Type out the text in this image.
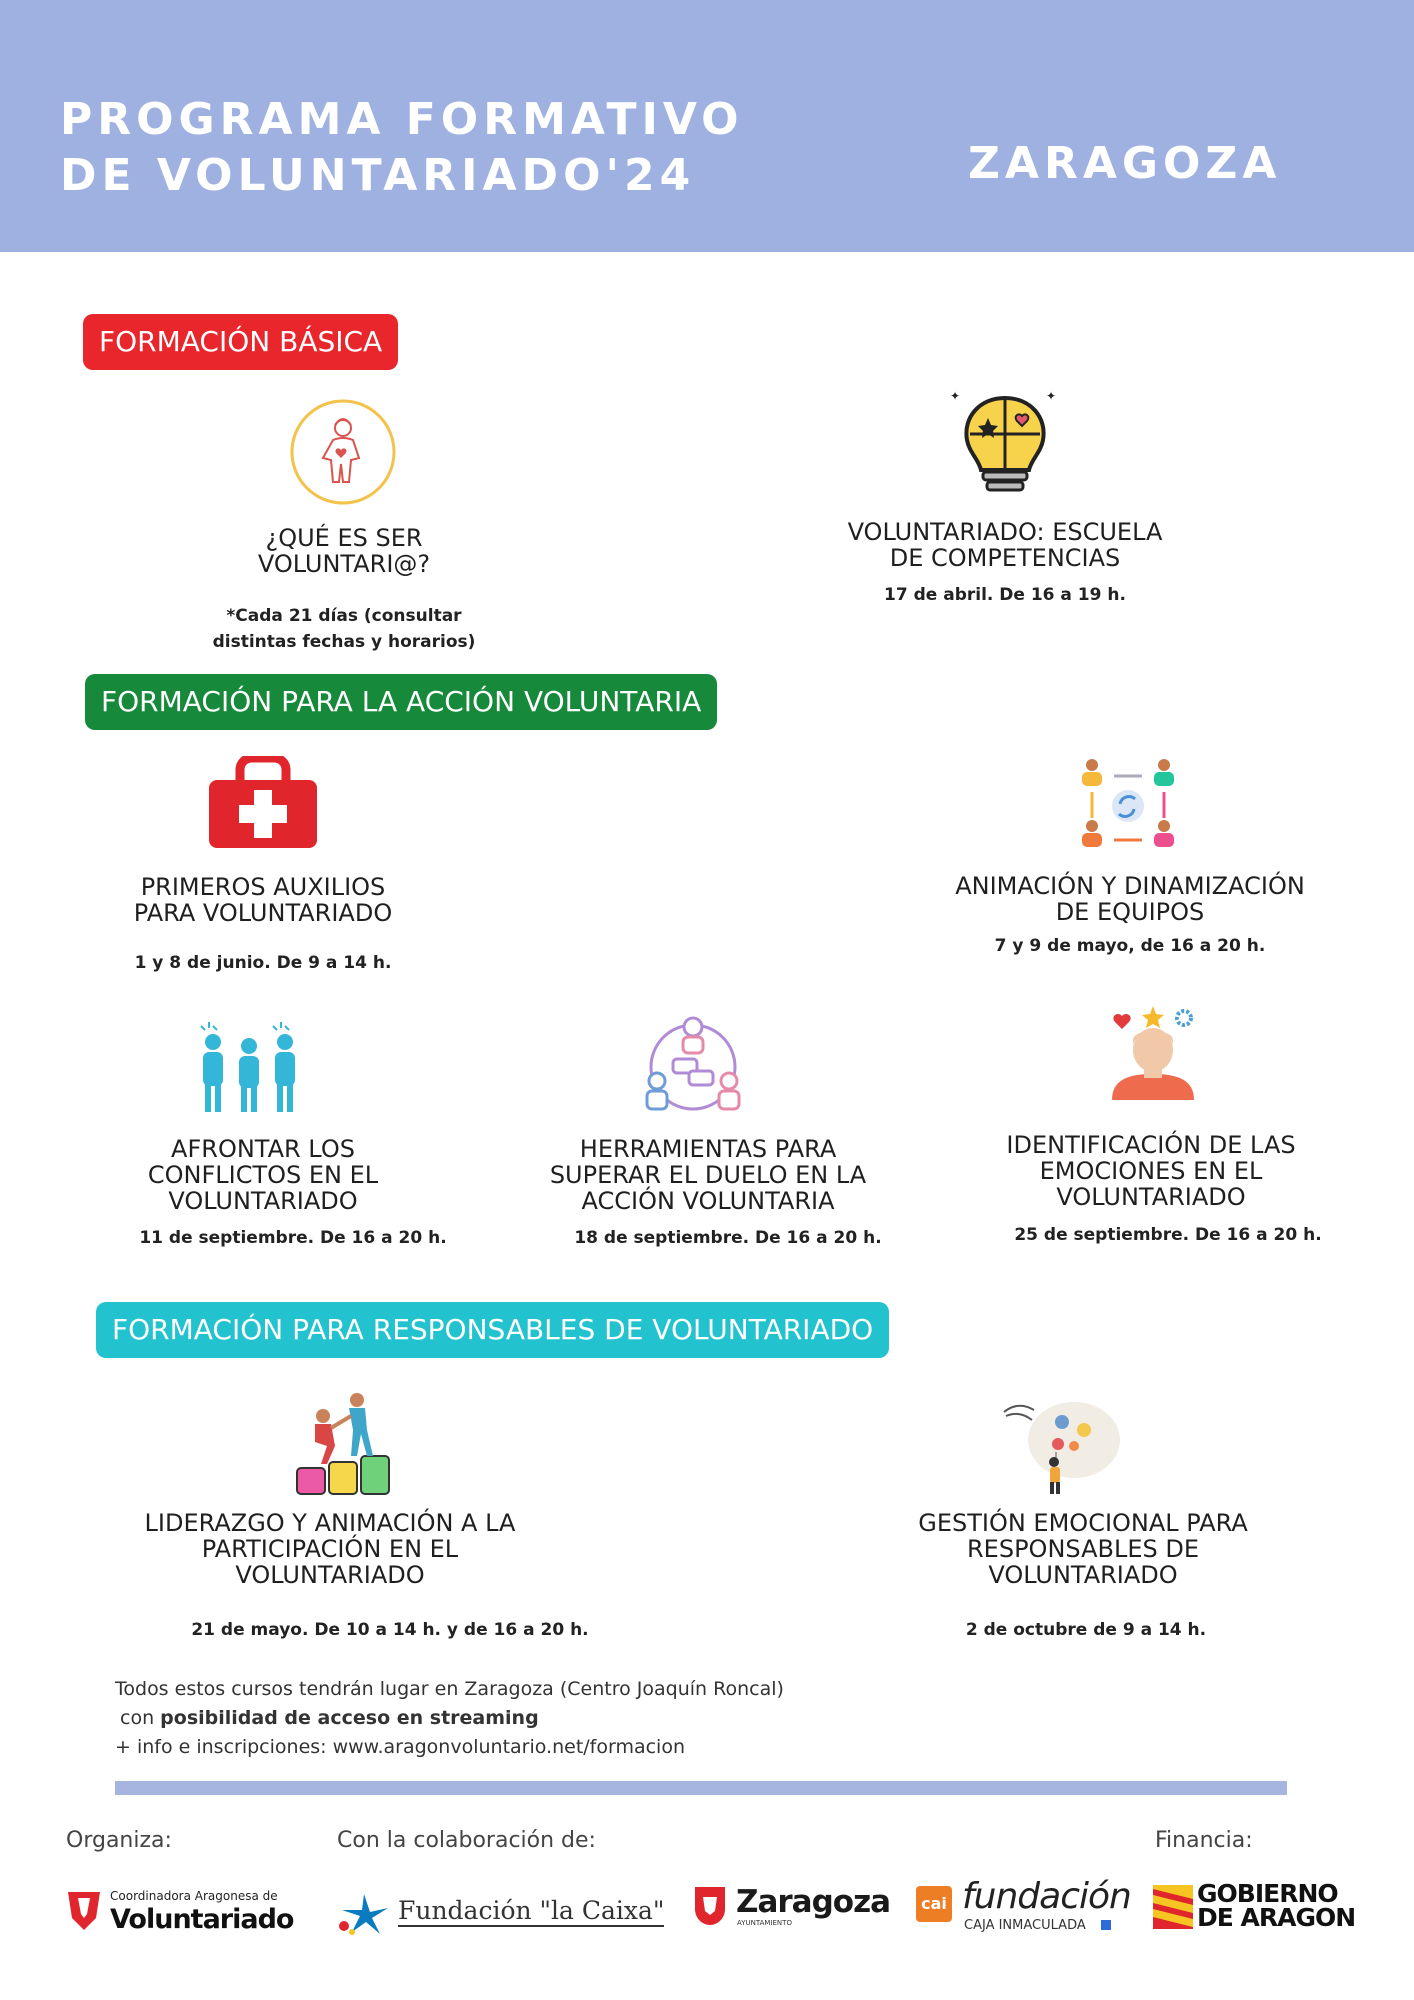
PROGRAMA FORMATIVO
DE VOLUNTARIADO'24	ZARAGOZA
FORMACIÓN BÁSICA
¿QUÉ ES SER
VOLUNTARI@?
*Cada 21 días (consultar
distintas fechas y horarios)
✦	✦
VOLUNTARIADO: ESCUELA
DE COMPETENCIAS
17 de abril. De 16 a 19 h.
FORMACIÓN PARA LA ACCIÓN VOLUNTARIA
PRIMEROS AUXILIOS
PARA VOLUNTARIADO
1 y 8 de junio. De 9 a 14 h.
ANIMACIÓN Y DINAMIZACIÓN
DE EQUIPOS
7 y 9 de mayo, de 16 a 20 h.
AFRONTAR LOS
CONFLICTOS EN EL
VOLUNTARIADO
11 de septiembre. De 16 a 20 h.
HERRAMIENTAS PARA
SUPERAR EL DUELO EN LA
ACCIÓN VOLUNTARIA
18 de septiembre. De 16 a 20 h.
IDENTIFICACIÓN DE LAS
EMOCIONES EN EL
VOLUNTARIADO
25 de septiembre. De 16 a 20 h.
FORMACIÓN PARA RESPONSABLES DE VOLUNTARIADO
LIDERAZGO Y ANIMACIÓN A LA
PARTICIPACIÓN EN EL
VOLUNTARIADO
21 de mayo. De 10 a 14 h. y de 16 a 20 h.
GESTIÓN EMOCIONAL PARA
RESPONSABLES DE
VOLUNTARIADO
2 de octubre de 9 a 14 h.
Todos estos cursos tendrán lugar en Zaragoza (Centro Joaquín Roncal)
con posibilidad de acceso en streaming
+ info e inscripciones: www.aragonvoluntario.net/formacion
Organiza:	Con la colaboración de:	Financia:
Coordinadora Aragonesa de
Voluntariado	Fundación "la Caixa" Zaragoza
AYUNTAMIENTO
cai fundación
CAJA INMACULADA
GOBIERNO
DE ARAGON
